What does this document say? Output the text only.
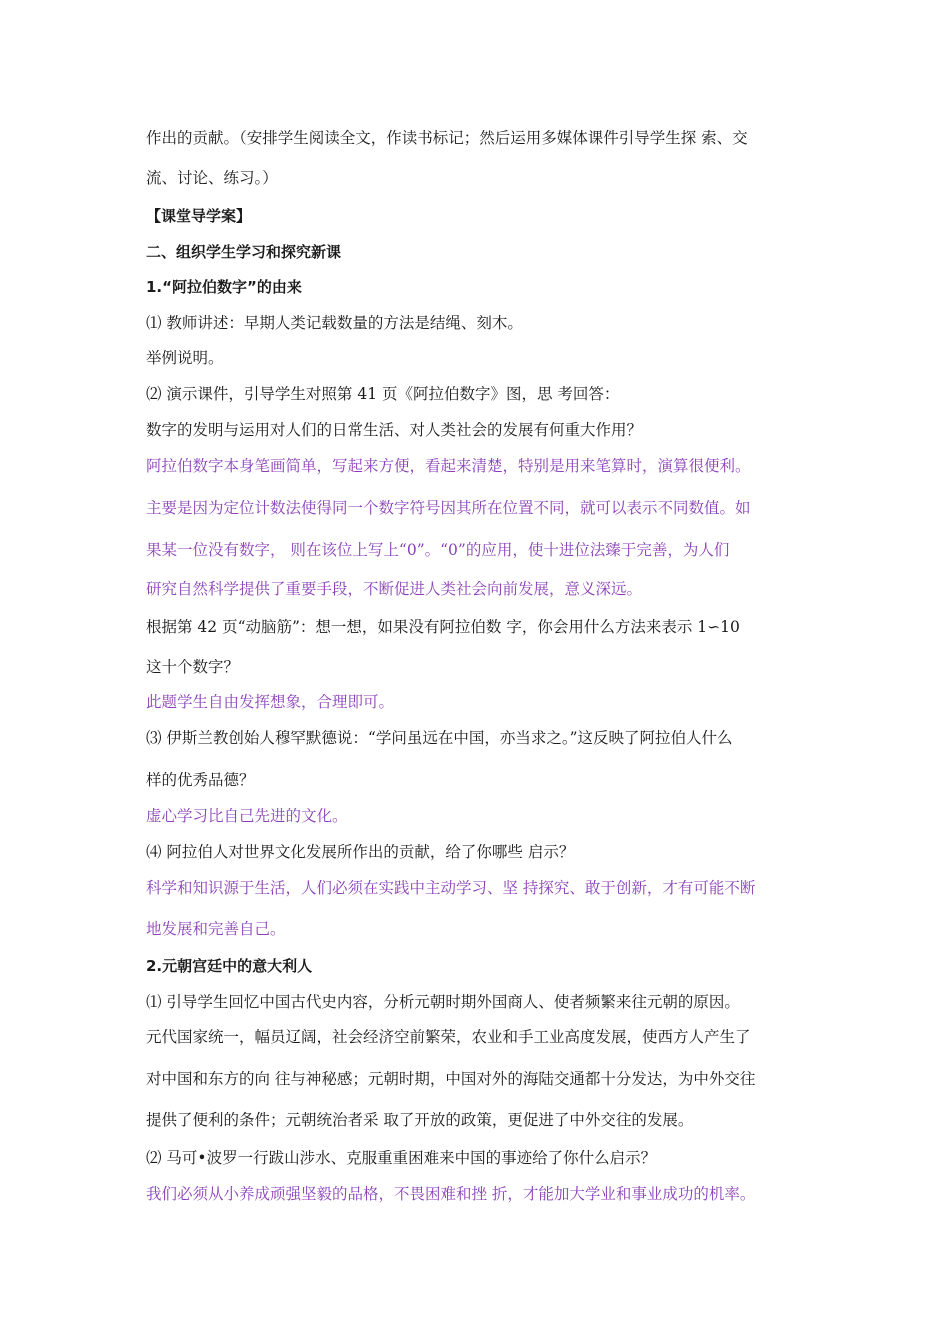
作出的贡献。（安排学生阅读全文，作读书标记；然后运用多媒体课件引导学生探 索、交
流、讨论、练习。）
【课堂导学案】
二、组织学生学习和探究新课
1.“阿拉伯数字”的由来
⑴ 教师讲述：早期人类记载数量的方法是结绳、刻木。
举例说明。
⑵ 演示课件，引导学生对照第 41 页《阿拉伯数字》图，思 考回答：
数字的发明与运用对人们的日常生活、对人类社会的发展有何重大作用？
阿拉伯数字本身笔画简单，写起来方便，看起来清楚，特别是用来笔算时，演算很便利。
主要是因为定位计数法使得同一个数字符号因其所在位置不同，就可以表示不同数值。如
果某一位没有数字， 则在该位上写上“0”。“0”的应用，使十进位法臻于完善，为人们
研究自然科学提供了重要手段，不断促进人类社会向前发展，意义深远。
根据第 42 页“动脑筋”：想一想，如果没有阿拉伯数 字，你会用什么方法来表示 1∽10
这十个数字？
此题学生自由发挥想象，合理即可。
⑶ 伊斯兰教创始人穆罕默德说：“学问虽远在中国，亦当求之。”这反映了阿拉伯人什么
样的优秀品德？
虚心学习比自己先进的文化。
⑷ 阿拉伯人对世界文化发展所作出的贡献，给了你哪些 启示？
科学和知识源于生活，人们必须在实践中主动学习、坚 持探究、敢于创新，才有可能不断
地发展和完善自己。
2.元朝宫廷中的意大利人
⑴ 引导学生回忆中国古代史内容，分析元朝时期外国商人、使者频繁来往元朝的原因。
元代国家统一，幅员辽阔，社会经济空前繁荣，农业和手工业高度发展，使西方人产生了
对中国和东方的向 往与神秘感；元朝时期，中国对外的海陆交通都十分发达，为中外交往
提供了便利的条件；元朝统治者采 取了开放的政策，更促进了中外交往的发展。
⑵ 马可•波罗一行跋山涉水、克服重重困难来中国的事迹给了你什么启示？
我们必须从小养成顽强坚毅的品格，不畏困难和挫 折，才能加大学业和事业成功的机率。
